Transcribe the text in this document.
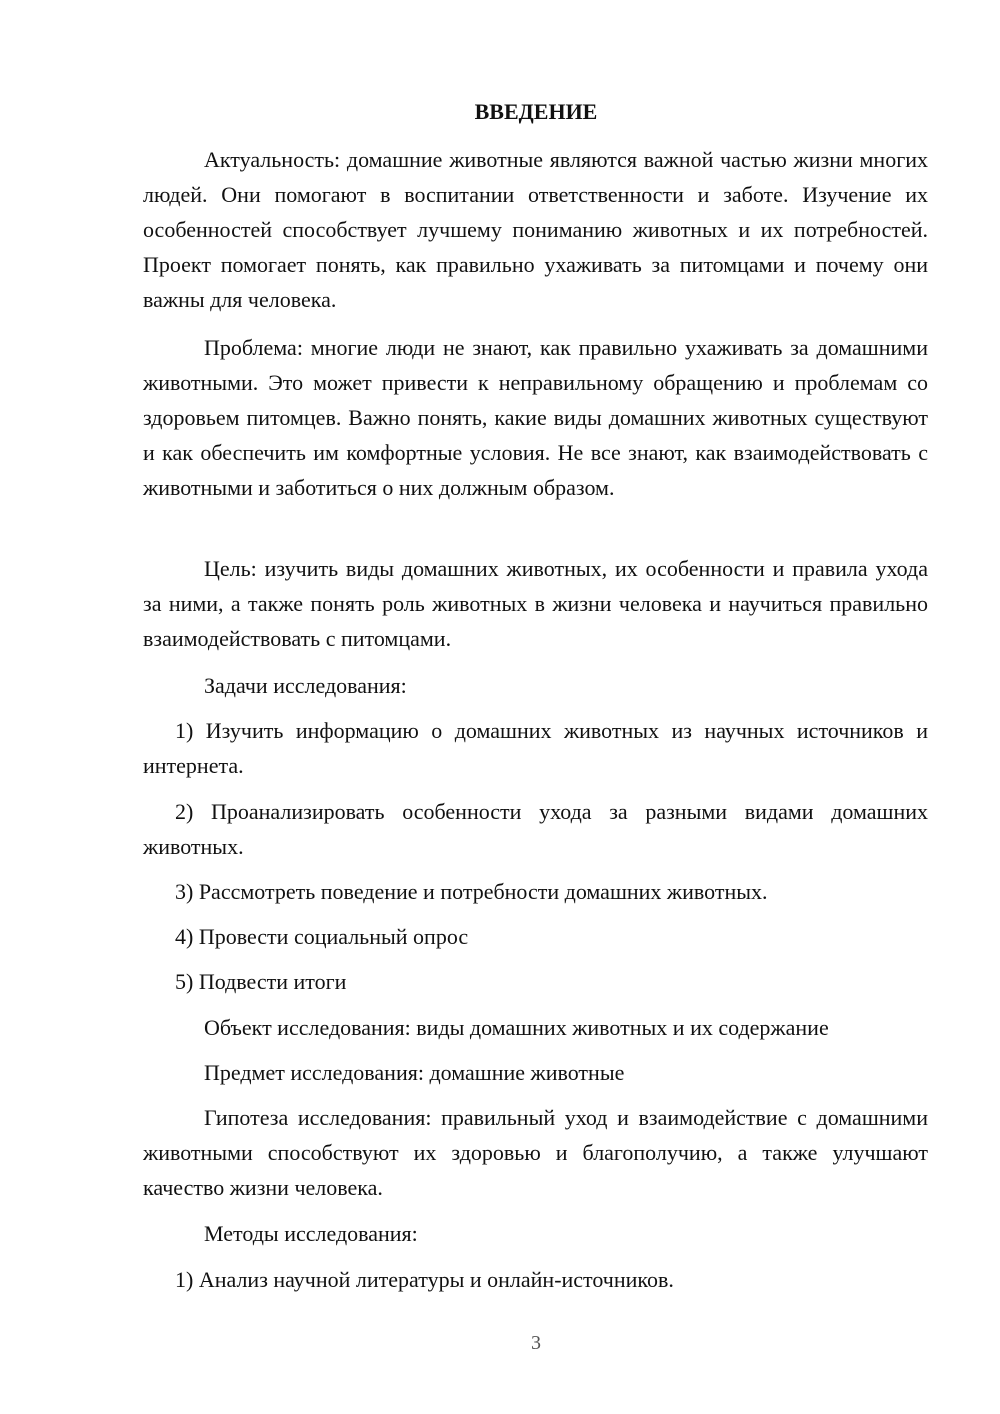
ВВЕДЕНИЕ
Актуальность: домашние животные являются важной частью жизни многих людей. Они помогают в воспитании ответственности и заботе. Изучение их особенностей способствует лучшему пониманию животных и их потребностей. Проект помогает понять, как правильно ухаживать за питомцами и почему они важны для человека.
Проблема: многие люди не знают, как правильно ухаживать за домашними животными. Это может привести к неправильному обращению и проблемам со здоровьем питомцев. Важно понять, какие виды домашних животных существуют и как обеспечить им комфортные условия. Не все знают, как взаимодействовать с животными и заботиться о них должным образом.
Цель: изучить виды домашних животных, их особенности и правила ухода за ними, а также понять роль животных в жизни человека и научиться правильно взаимодействовать с питомцами.
Задачи исследования:
1) Изучить информацию о домашних животных из научных источников и интернета.
2) Проанализировать особенности ухода за разными видами домашних животных.
3) Рассмотреть поведение и потребности домашних животных.
4) Провести социальный опрос
5) Подвести итоги
Объект исследования: виды домашних животных и их содержание
Предмет исследования: домашние животные
Гипотеза исследования: правильный уход и взаимодействие с домашними животными способствуют их здоровью и благополучию, а также улучшают качество жизни человека.
Методы исследования:
1) Анализ научной литературы и онлайн-источников.
3
